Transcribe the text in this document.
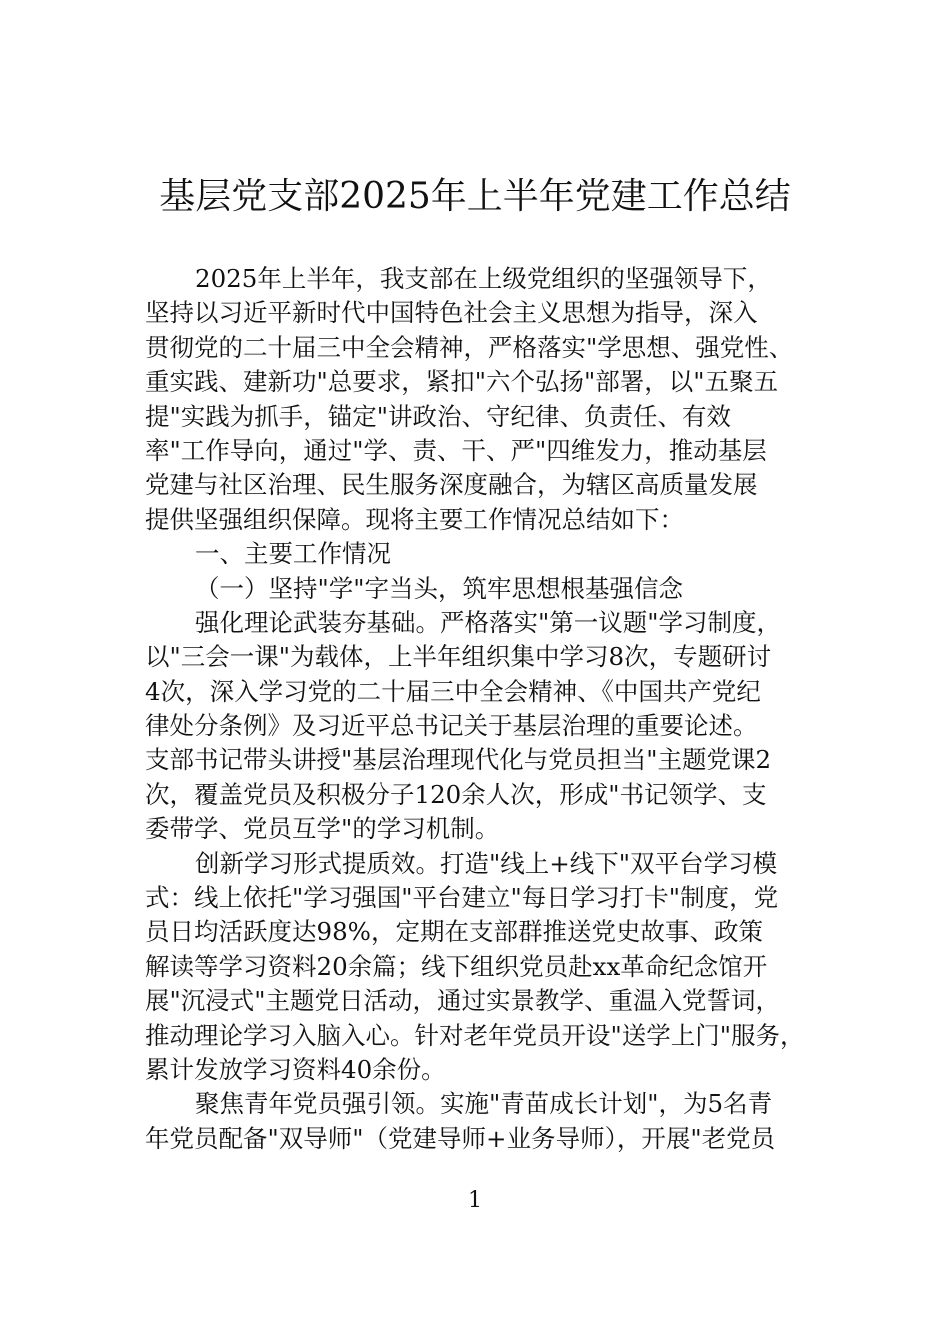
基层党支部2025年上半年党建工作总结
2025年上半年，我支部在上级党组织的坚强领导下，
坚持以习近平新时代中国特色社会主义思想为指导，深入
贯彻党的二十届三中全会精神，严格落实"学思想、强党性、
重实践、建新功"总要求，紧扣"六个弘扬"部署，以"五聚五
提"实践为抓手，锚定"讲政治、守纪律、负责任、有效
率"工作导向，通过"学、责、干、严"四维发力，推动基层
党建与社区治理、民生服务深度融合，为辖区高质量发展
提供坚强组织保障。现将主要工作情况总结如下：
一、主要工作情况
（一）坚持"学"字当头，筑牢思想根基强信念
强化理论武装夯基础。严格落实"第一议题"学习制度，
以"三会一课"为载体，上半年组织集中学习8次，专题研讨
4次，深入学习党的二十届三中全会精神、《中国共产党纪
律处分条例》及习近平总书记关于基层治理的重要论述。
支部书记带头讲授"基层治理现代化与党员担当"主题党课2
次，覆盖党员及积极分子120余人次，形成"书记领学、支
委带学、党员互学"的学习机制。
创新学习形式提质效。打造"线上+线下"双平台学习模
式：线上依托"学习强国"平台建立"每日学习打卡"制度，党
员日均活跃度达98%，定期在支部群推送党史故事、政策
解读等学习资料20余篇；线下组织党员赴xx革命纪念馆开
展"沉浸式"主题党日活动，通过实景教学、重温入党誓词，
推动理论学习入脑入心。针对老年党员开设"送学上门"服务，
累计发放学习资料40余份。
聚焦青年党员强引领。实施"青苗成长计划"，为5名青
年党员配备"双导师"（党建导师+业务导师），开展"老党员
1
